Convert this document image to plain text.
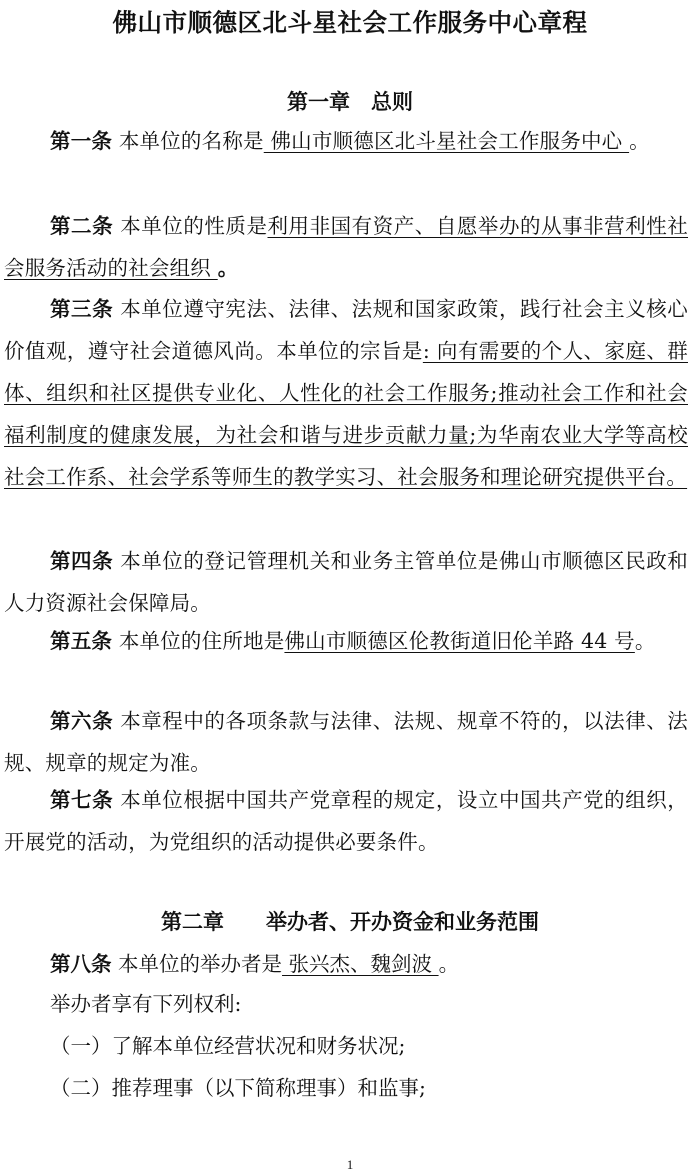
佛山市顺德区北斗星社会工作服务中心章程
第一章　总则
第一条 本单位的名称是 佛山市顺德区北斗星社会工作服务中心 。
第二条 本单位的性质是利用非国有资产、自愿举办的从事非营利性社会服务活动的社会组织 。
第三条 本单位遵守宪法、法律、法规和国家政策，践行社会主义核心价值观，遵守社会道德风尚。本单位的宗旨是: 向有需要的个人、家庭、群体、组织和社区提供专业化、人性化的社会工作服务;推动社会工作和社会福利制度的健康发展，为社会和谐与进步贡献力量;为华南农业大学等高校社会工作系、社会学系等师生的教学实习、社会服务和理论研究提供平台。
第四条 本单位的登记管理机关和业务主管单位是佛山市顺德区民政和人力资源社会保障局。
第五条 本单位的住所地是佛山市顺德区伦教街道旧伦羊路 44 号。
第六条 本章程中的各项条款与法律、法规、规章不符的，以法律、法规、规章的规定为准。
第七条 本单位根据中国共产党章程的规定，设立中国共产党的组织，开展党的活动，为党组织的活动提供必要条件。
第二章　　举办者、开办资金和业务范围
第八条 本单位的举办者是 张兴杰、魏剑波 。
举办者享有下列权利:
（一）了解本单位经营状况和财务状况;
（二）推荐理事（以下简称理事）和监事;
1
